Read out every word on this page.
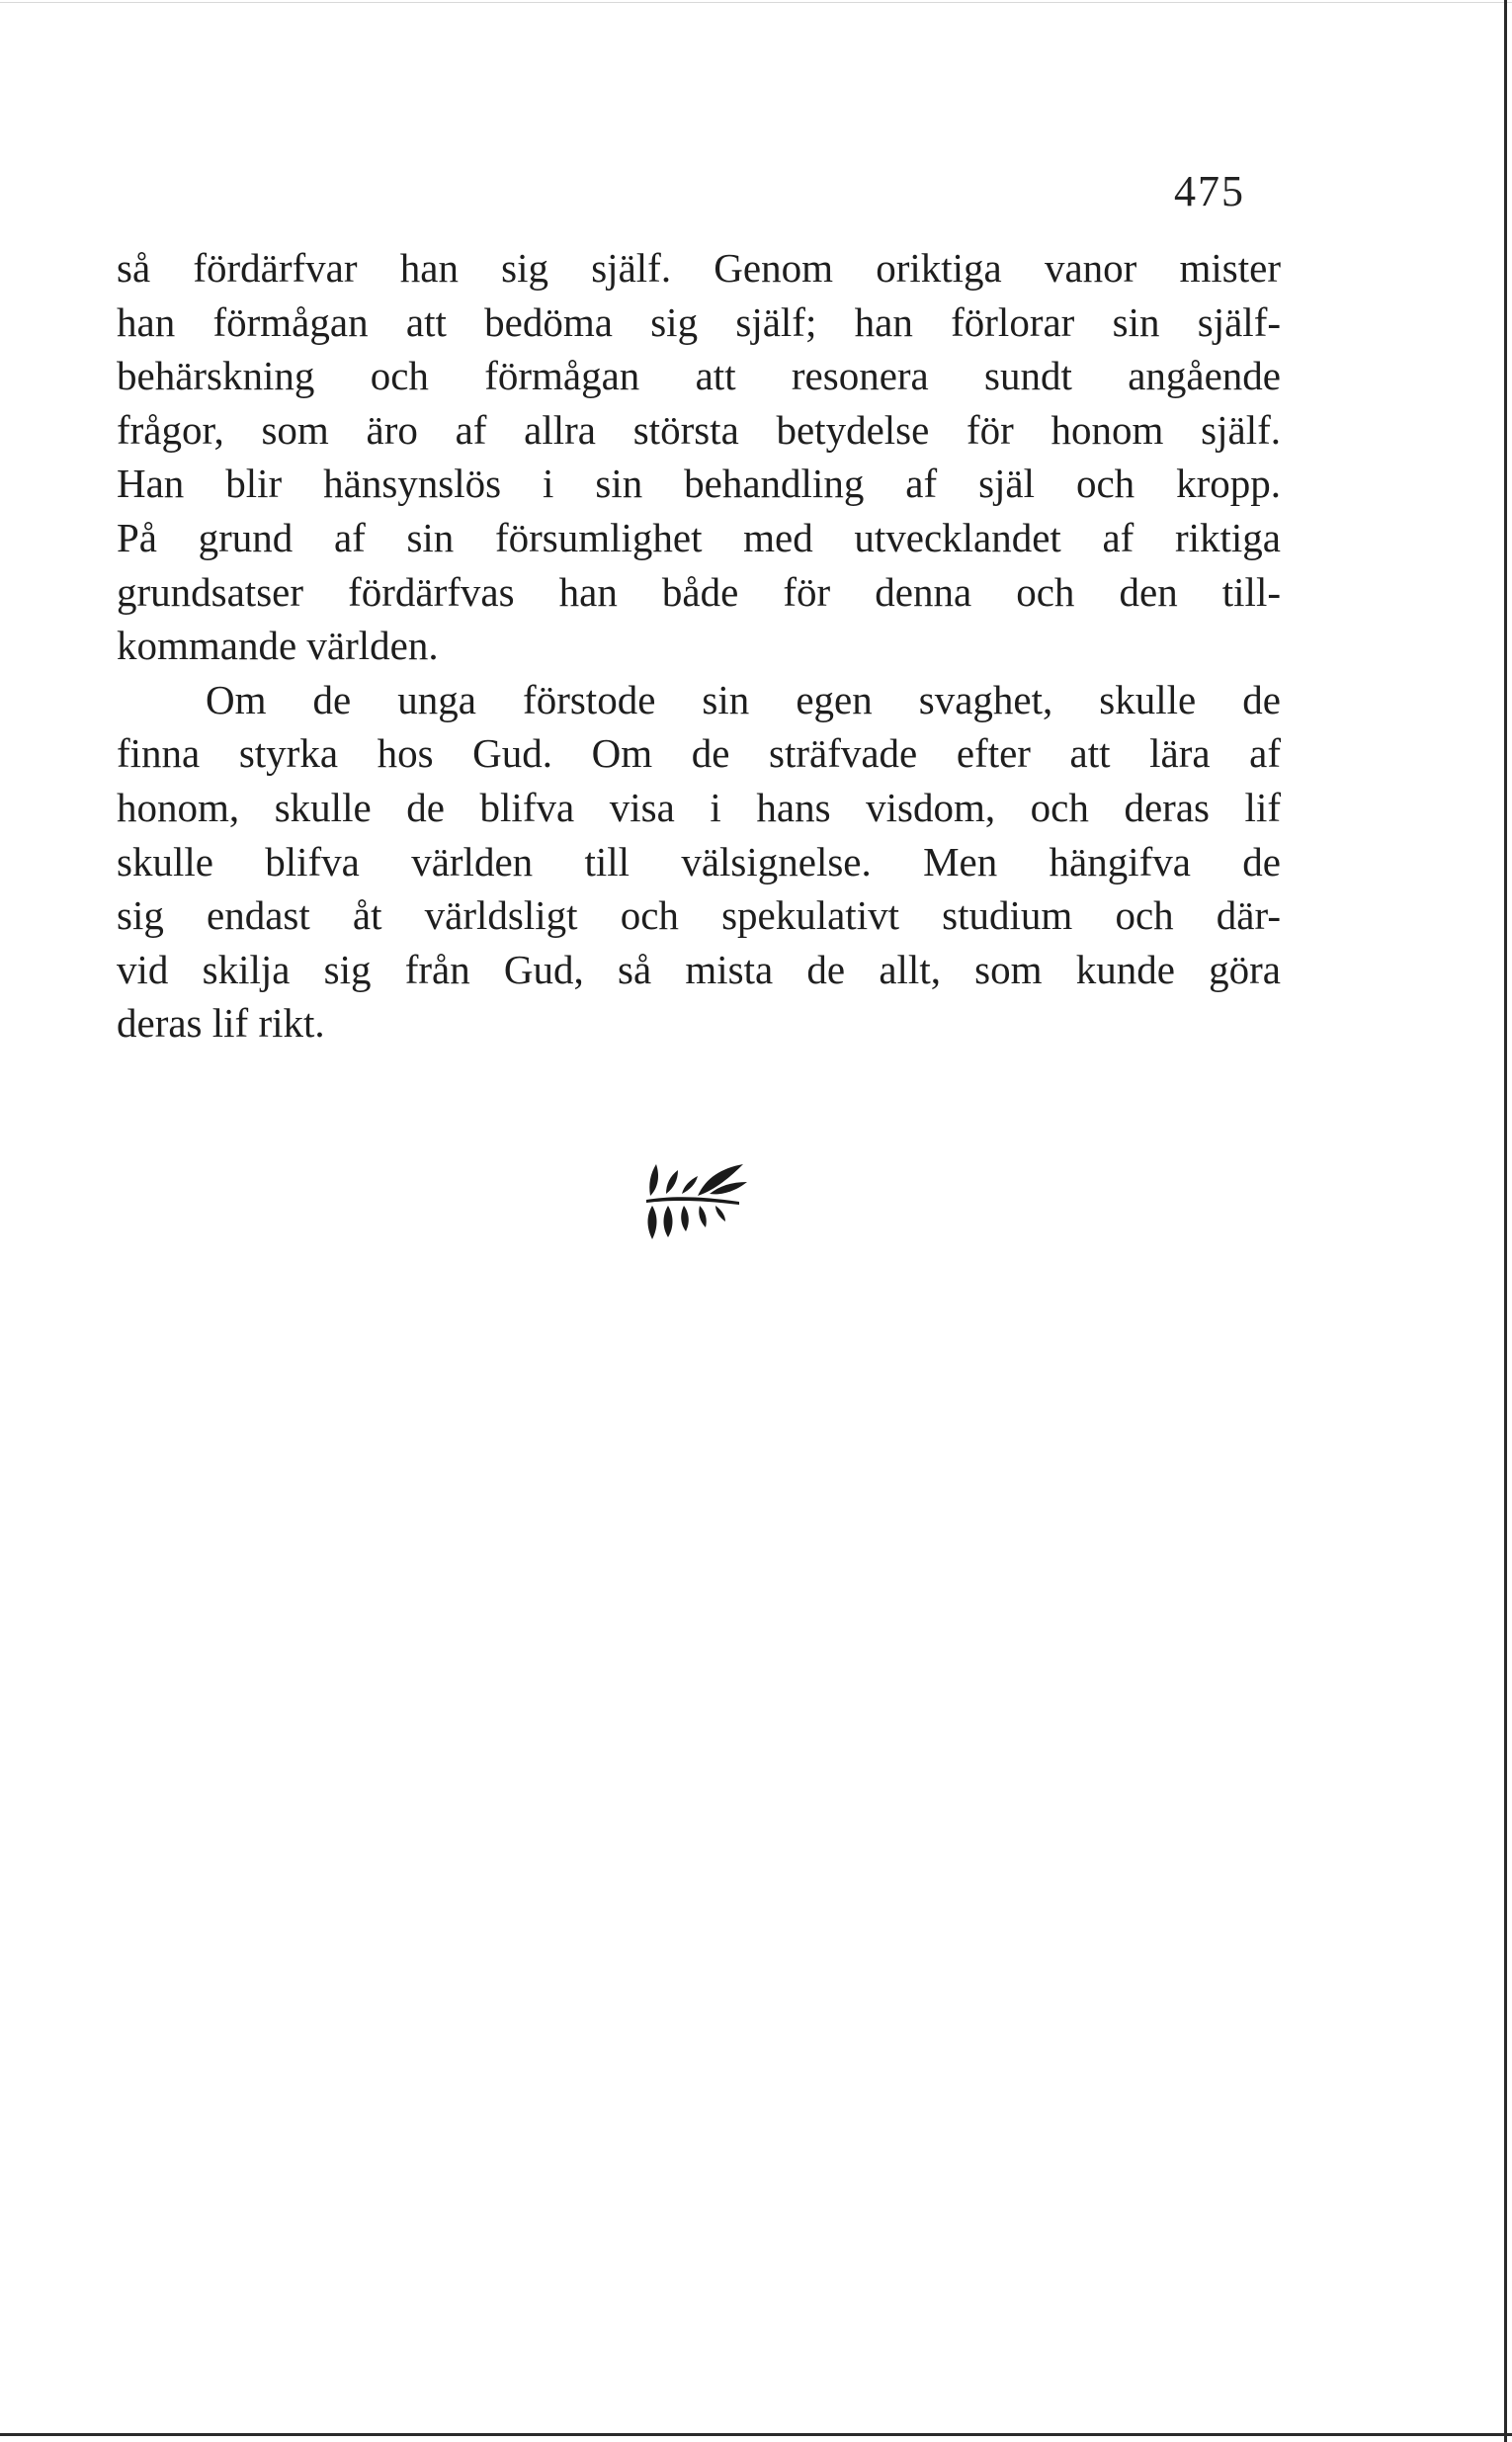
475
så fördärfvar han sig själf. Genom oriktiga vanor mister
han förmågan att bedöma sig själf; han förlorar sin själf-
behärskning och förmågan att resonera sundt angående
frågor, som äro af allra största betydelse för honom själf.
Han blir hänsynslös i sin behandling af själ och kropp.
På grund af sin försumlighet med utvecklandet af riktiga
grundsatser fördärfvas han både för denna och den till-
kommande världen.
Om de unga förstode sin egen svaghet, skulle de
finna styrka hos Gud. Om de sträfvade efter att lära af
honom, skulle de blifva visa i hans visdom, och deras lif
skulle blifva världen till välsignelse. Men hängifva de
sig endast åt världsligt och spekulativt studium och där-
vid skilja sig från Gud, så mista de allt, som kunde göra
deras lif rikt.
